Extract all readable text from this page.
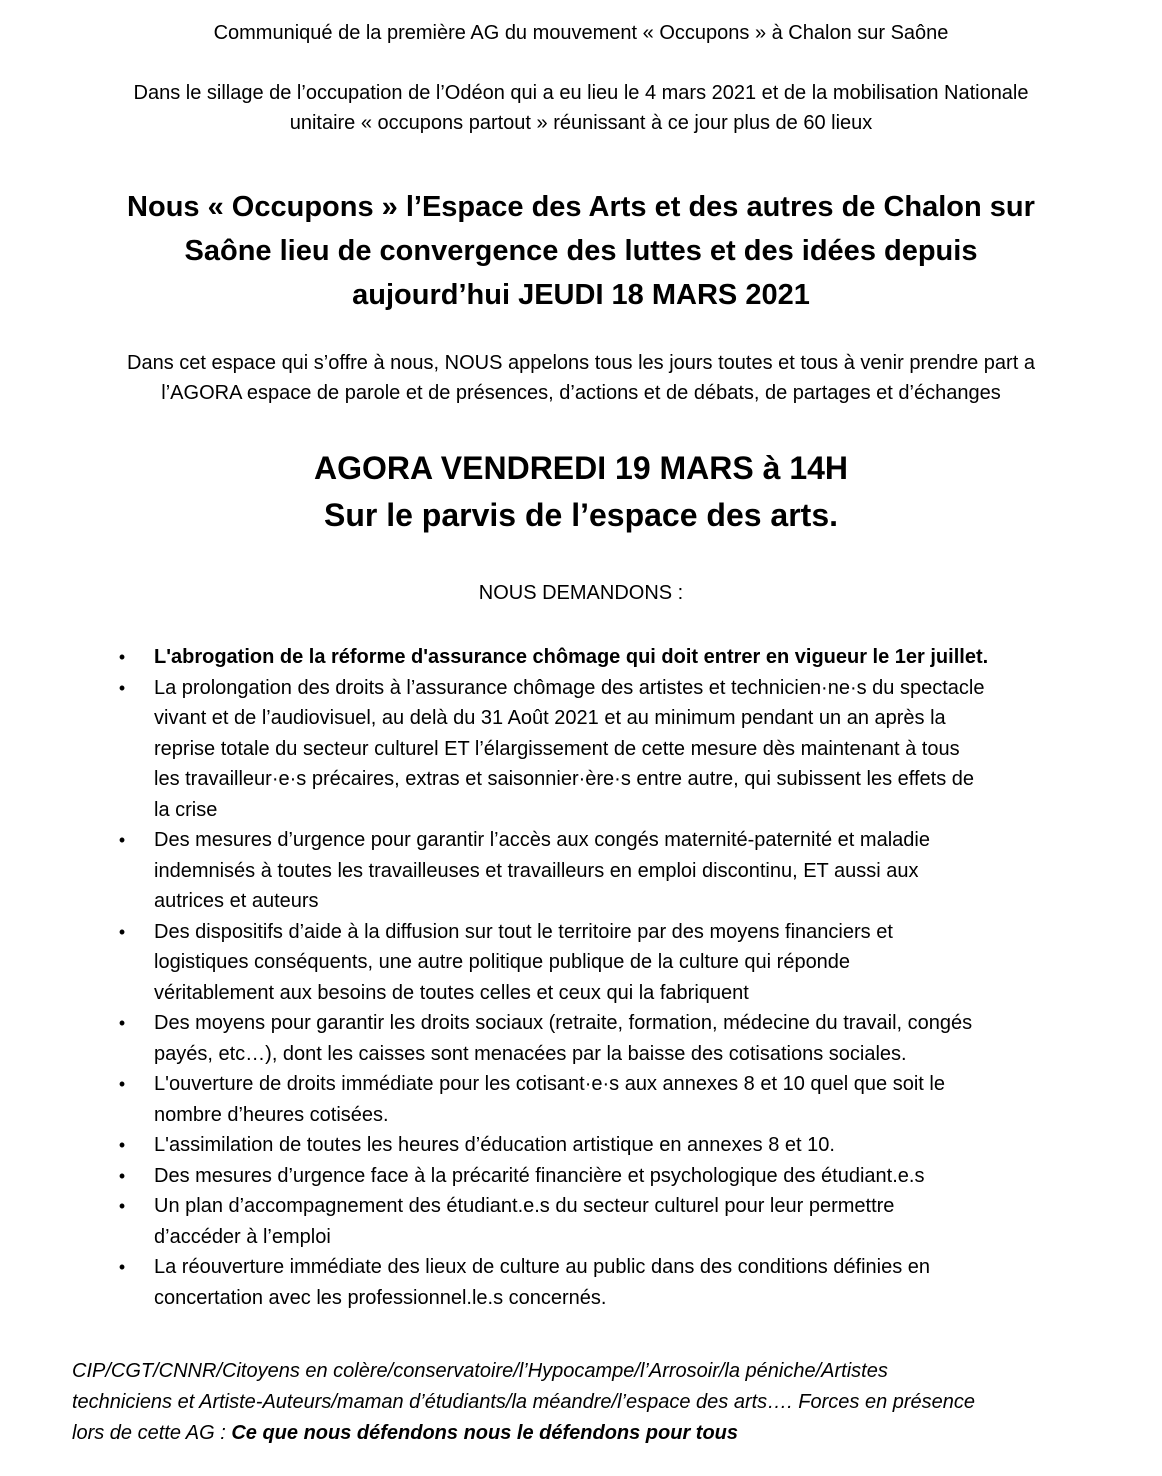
Communiqué de la première AG du mouvement « Occupons » à Chalon sur Saône
Dans le sillage de l’occupation de l’Odéon qui a eu lieu le 4 mars 2021 et de la mobilisation Nationale
unitaire « occupons partout » réunissant à ce jour plus de 60 lieux
Nous « Occupons » l’Espace des Arts et des autres de Chalon sur
Saône lieu de convergence des luttes et des idées depuis
aujourd’hui JEUDI 18 MARS 2021
Dans cet espace qui s’offre à nous, NOUS appelons tous les jours toutes et tous à venir prendre part a
l’AGORA espace de parole et de présences, d’actions et de débats, de partages et d’échanges
AGORA VENDREDI 19 MARS à 14H
Sur le parvis de l’espace des arts.
NOUS DEMANDONS :
•	L'abrogation de la réforme d'assurance chômage qui doit entrer en vigueur le 1er juillet.
•	La prolongation des droits à l’assurance chômage des artistes et technicien·ne·s du spectacle
vivant et de l’audiovisuel, au delà du 31 Août 2021 et au minimum pendant un an après la
reprise totale du secteur culturel ET l’élargissement de cette mesure dès maintenant à tous
les travailleur·e·s précaires, extras et saisonnier·ère·s entre autre, qui subissent les effets de
la crise
•	Des mesures d’urgence pour garantir l’accès aux congés maternité-paternité et maladie
indemnisés à toutes les travailleuses et travailleurs en emploi discontinu, ET aussi aux
autrices et auteurs
•	Des dispositifs d’aide à la diffusion sur tout le territoire par des moyens financiers et
logistiques conséquents, une autre politique publique de la culture qui réponde
véritablement aux besoins de toutes celles et ceux qui la fabriquent
•	Des moyens pour garantir les droits sociaux (retraite, formation, médecine du travail, congés
payés, etc…), dont les caisses sont menacées par la baisse des cotisations sociales.
•	L'ouverture de droits immédiate pour les cotisant·e·s aux annexes 8 et 10 quel que soit le
nombre d’heures cotisées.
•	L'assimilation de toutes les heures d’éducation artistique en annexes 8 et 10.
•	Des mesures d’urgence face à la précarité financière et psychologique des étudiant.e.s
•	Un plan d’accompagnement des étudiant.e.s du secteur culturel pour leur permettre
d’accéder à l’emploi
•	La réouverture immédiate des lieux de culture au public dans des conditions définies en
concertation avec les professionnel.le.s concernés.
CIP/CGT/CNNR/Citoyens en colère/conservatoire/l’Hypocampe/l’Arrosoir/la péniche/Artistes
techniciens et Artiste-Auteurs/maman d’étudiants/la méandre/l’espace des arts…. Forces en présence
lors de cette AG : Ce que nous défendons nous le défendons pour tous
